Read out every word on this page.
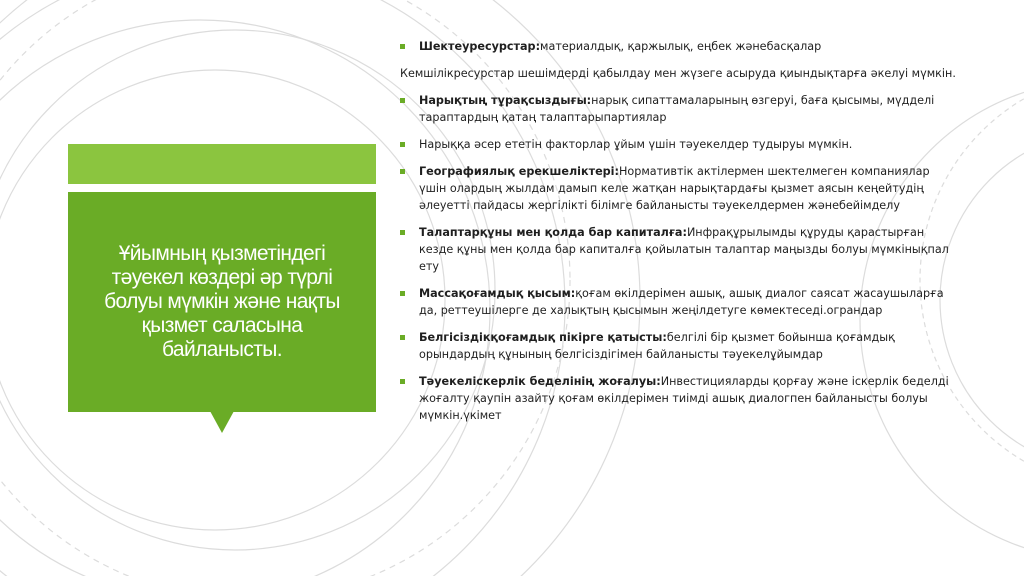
Ұйымның қызметіндегі тәуекел көздері әр түрлі болуы мүмкін және нақты қызмет саласына байланысты.

Шектеуресурстар:материалдық, қаржылық, еңбек жәнебасқалар
Кемшілікресурстар шешімдерді қабылдау мен жүзеге асыруда қиындықтарға әкелуі мүмкін.
Нарықтың тұрақсыздығы:нарық сипаттамаларының өзгеруі, баға қысымы, мүдделі тараптардың қатаң талаптарыпартиялар
Нарыққа әсер ететін факторлар ұйым үшін тәуекелдер тудыруы мүмкін.
Географиялық ерекшеліктері:Нормативтік актілермен шектелмеген компаниялар үшін олардың жылдам дамып келе жатқан нарықтардағы қызмет аясын кеңейтудің әлеуетті пайдасы жергілікті білімге байланысты тәуекелдермен жәнебейімделу
Талаптарқұны мен қолда бар капиталға:Инфрақұрылымды құруды қарастырған кезде құны мен қолда бар капиталға қойылатын талаптар маңызды болуы мүмкінықпал ету
Массақоғамдық қысым:қоғам өкілдерімен ашық, ашық диалог саясат жасаушыларға да, реттеушілерге де халықтың қысымын жеңілдетуге көмектеседі.ограндар
Белгісіздікқоғамдық пікірге қатысты:белгілі бір қызмет бойынша қоғамдық орындардың құнының белгісіздігімен байланысты тәуекелұйымдар
Тәуекеліскерлік беделінің жоғалуы:Инвестицияларды қорғау және іскерлік беделді жоғалту қаупін азайту қоғам өкілдерімен тиімді ашық диалогпен байланысты болуы мүмкін.үкімет
